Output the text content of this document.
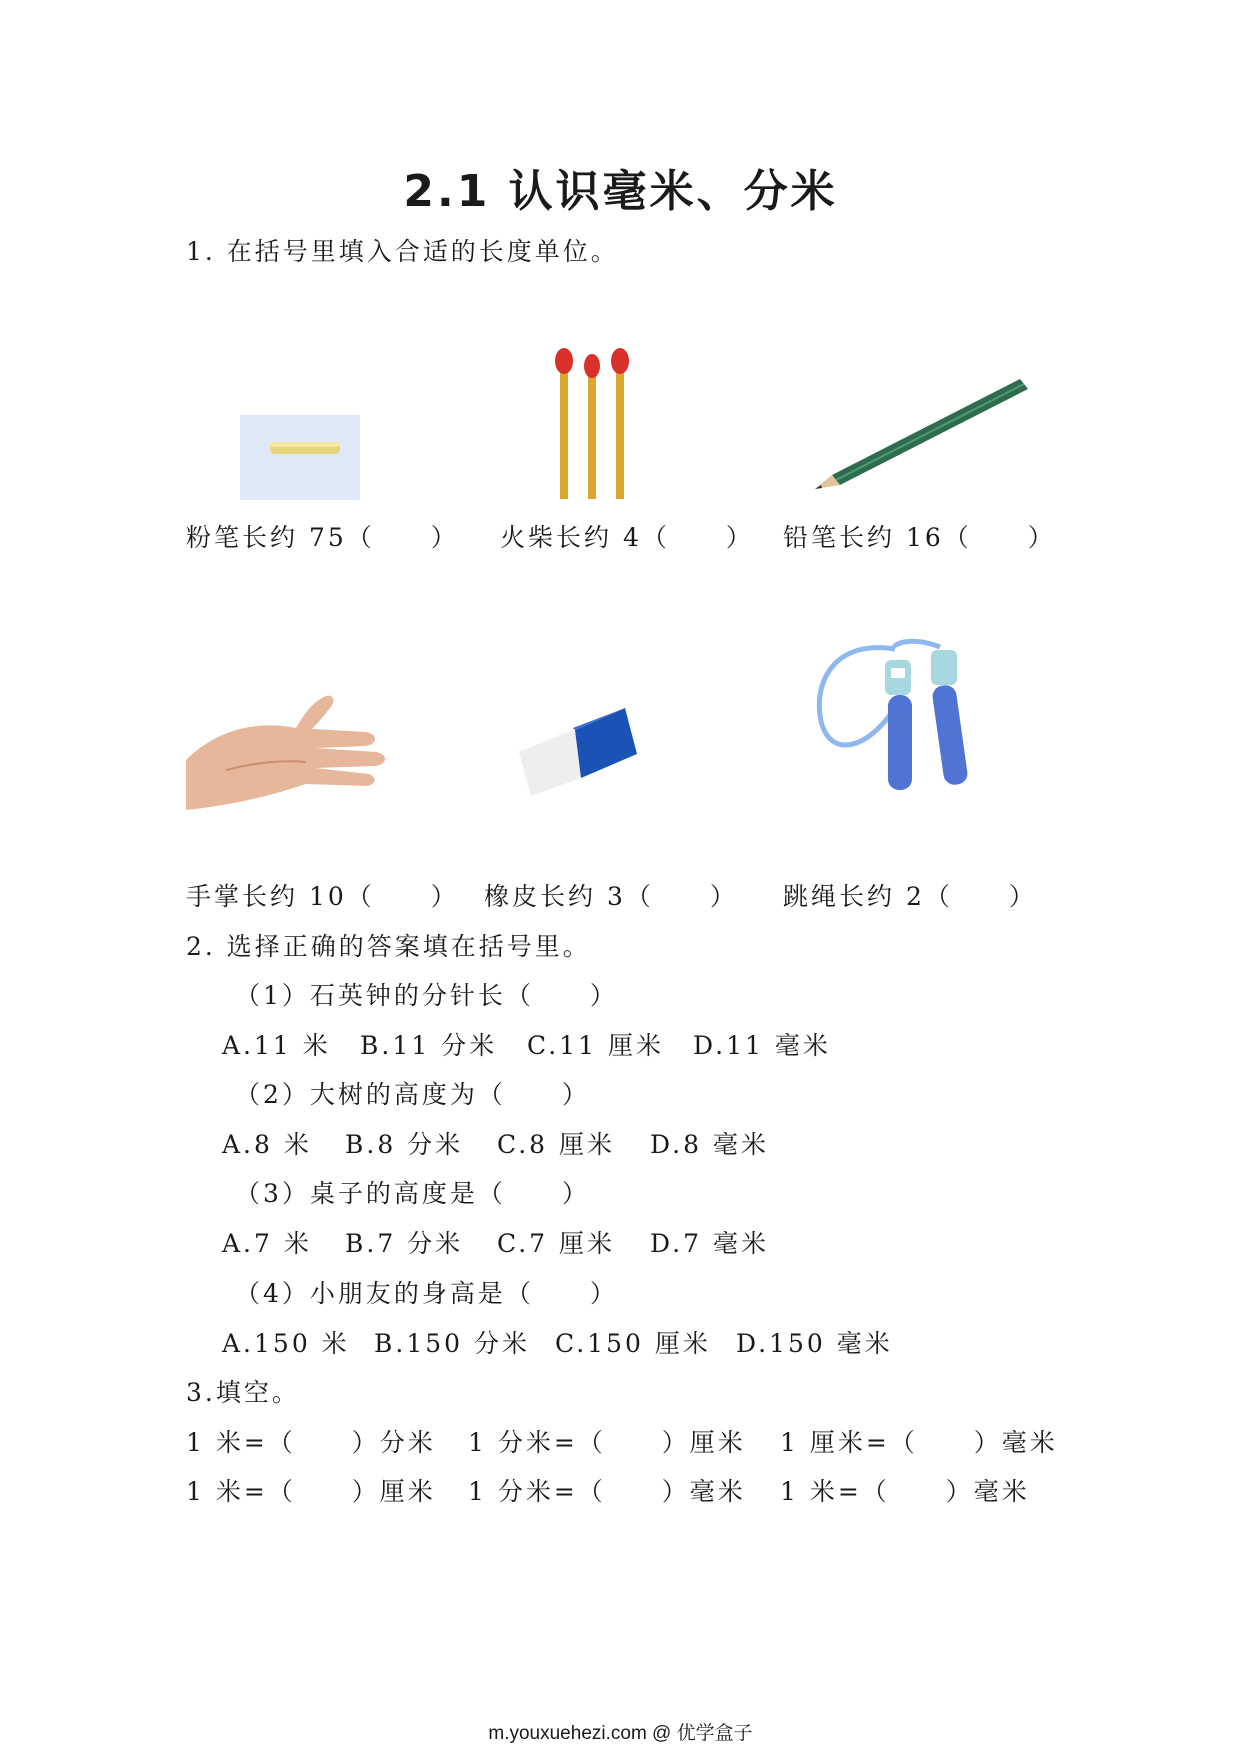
2.1 认识毫米、分米
1. 在括号里填入合适的长度单位。
粉笔长约 75（　　） 火柴长约 4（　　） 铅笔长约 16（　　）
手掌长约 10（　　） 橡皮长约 3（　　） 跳绳长约 2（　　）
2. 选择正确的答案填在括号里。
（1）石英钟的分针长（　　）
A.11 米 B.11 分米 C.11 厘米 D.11 毫米
（2）大树的高度为（　　）
A.8 米 B.8 分米 C.8 厘米 D.8 毫米
（3）桌子的高度是（　　）
A.7 米 B.7 分米 C.7 厘米 D.7 毫米
（4）小朋友的身高是（　　）
A.150 米 B.150 分米 C.150 厘米 D.150 毫米
3.填空。
1 米=（　　）分米 1 分米=（　　）厘米 1 厘米=（　　）毫米
1 米=（　　）厘米 1 分米=（　　）毫米 1 米=（　　）毫米
m.youxuehezi.com @ 优学盒子
